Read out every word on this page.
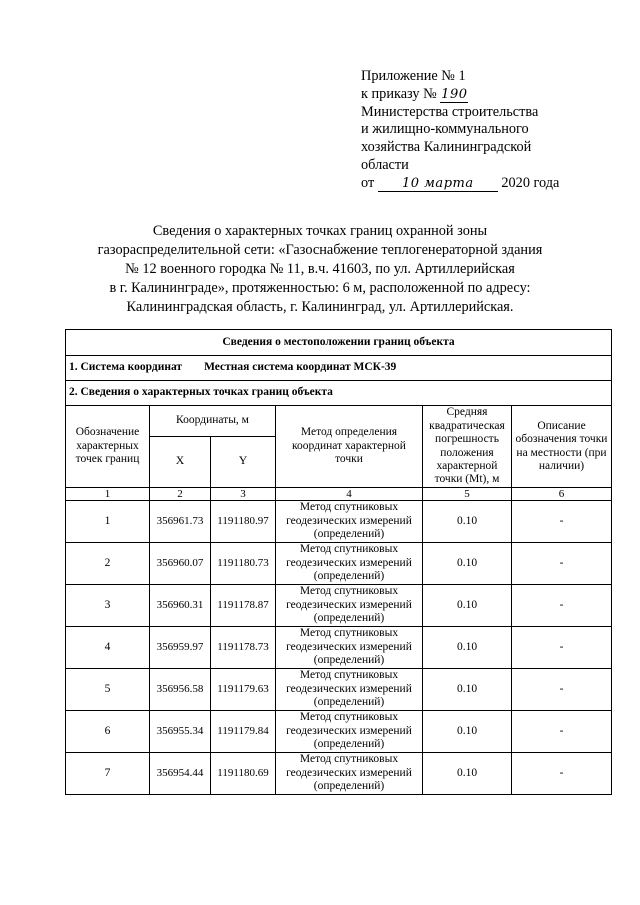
Приложение № 1
к приказу № 190
Министерства строительства
и жилищно-коммунального
хозяйства Калининградской
области
от 10 марта 2020 года
Сведения о характерных точках границ охранной зоны
газораспределительной сети: «Газоснабжение теплогенераторной здания
№ 12 военного городка № 11, в.ч. 41603, по ул. Артиллерийская
в г. Калининграде», протяженностью: 6 м, расположенной по адресу:
Калининградская область, г. Калининград, ул. Артиллерийская.
Сведения о местоположении границ объекта					
1. Система координат Местная система координат МСК-39					
2. Сведения о характерных точках границ объекта					
Обозначение характерных точек границ	Координаты, м		Метод определения координат характерной точки	Средняя квадратическая погрешность положения характерной точки (Mt), м	Описание обозначения точки на местности (при наличии)
	X	Y			
1	2	3	4	5	6
1	356961.73	1191180.97	Метод спутниковых геодезических измерений (определений)	0.10	-
2	356960.07	1191180.73	Метод спутниковых геодезических измерений (определений)	0.10	-
3	356960.31	1191178.87	Метод спутниковых геодезических измерений (определений)	0.10	-
4	356959.97	1191178.73	Метод спутниковых геодезических измерений (определений)	0.10	-
5	356956.58	1191179.63	Метод спутниковых геодезических измерений (определений)	0.10	-
6	356955.34	1191179.84	Метод спутниковых геодезических измерений (определений)	0.10	-
7	356954.44	1191180.69	Метод спутниковых геодезических измерений (определений)	0.10	-
